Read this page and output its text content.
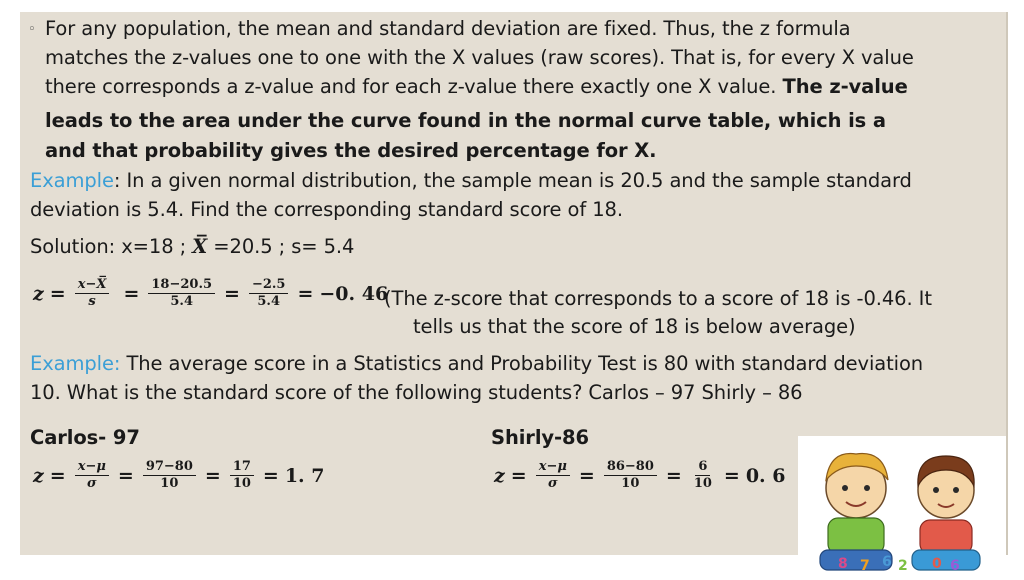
◦ For any population, the mean and standard deviation are fixed. Thus, the z formula
matches the z-values one to one with the X values (raw scores). That is, for every X value
there corresponds a z-value and for each z-value there exactly one X value. The z-value
leads to the area under the curve found in the normal curve table, which is a
and that probability gives the desired percentage for X.
Example: In a given normal distribution, the sample mean is 20.5 and the sample standard
deviation is 5.4. Find the corresponding standard score of 18.
Solution: x=18 ; X̅ =20.5 ; s= 5.4
$z = \frac{x-X̅}{s} = \frac{18-20.5}{5.4} = \frac{-2.5}{5.4} = -0$. 46
(The z-score that corresponds to a score of 18 is -0.46. It
tells us that the score of 18 is below average)
Example: The average score in a Statistics and Probability Test is 80 with standard deviation
10. What is the standard score of the following students? Carlos – 97 Shirly – 86
Carlos- 97	Shirly-86
$z = \frac{x-\mu}{\sigma} = \frac{97-80}{10} = \frac{17}{10} = 1$. 7	$z = \frac{x-\mu}{\sigma} = \frac{86-80}{10} = \frac{6}{10} = 0$. 6
8 7 6 2 0 6
